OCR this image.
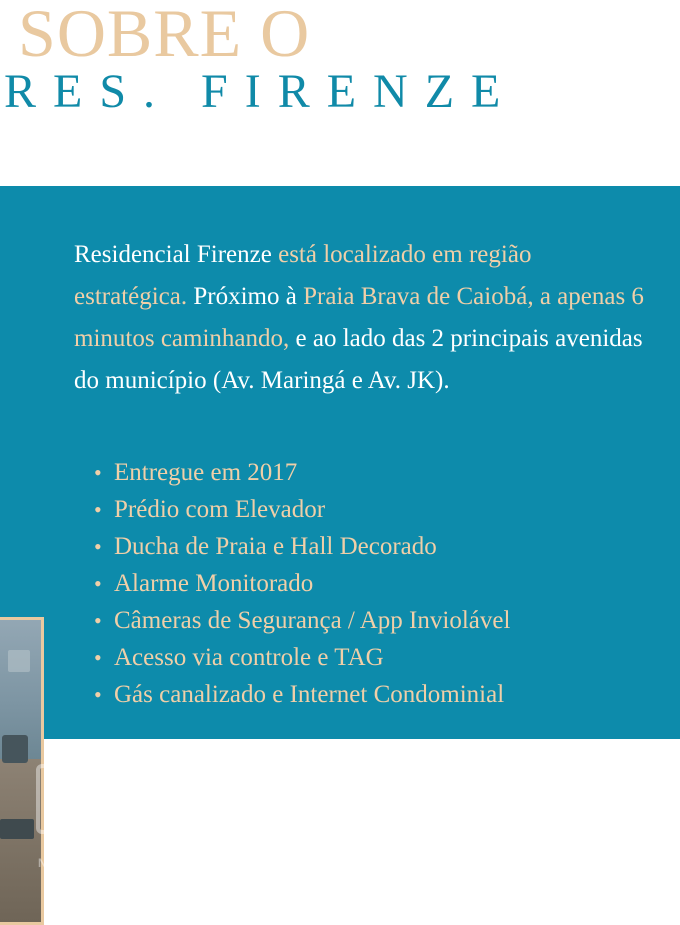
SOBRE O
RES. FIRENZE
Residencial Firenze está localizado em região estratégica. Próximo à Praia Brava de Caiobá, a apenas 6 minutos caminhando, e ao lado das 2 principais avenidas do município (Av. Maringá e Av. JK).
• Entregue em 2017
• Prédio com Elevador
• Ducha de Praia e Hall Decorado
• Alarme Monitorado
• Câmeras de Segurança / App Inviolável
• Acesso via controle e TAG
• Gás canalizado e Internet Condominial
MB
Manoel
Imóveis
NEGÓCIOS IMOBILIÁRIOS
CRECI J 5511
